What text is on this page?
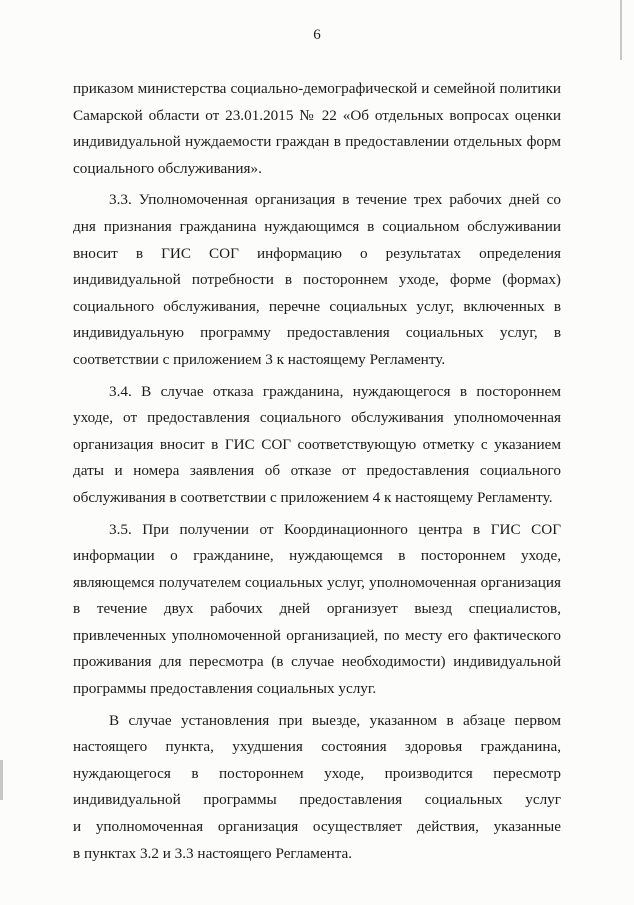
6
приказом министерства социально-демографической и семейной политики
Самарской области от 23.01.2015 № 22 «Об отдельных вопросах оценки
индивидуальной нуждаемости граждан в предоставлении отдельных форм
социального обслуживания».
3.3. Уполномоченная организация в течение трех рабочих дней со
дня признания гражданина нуждающимся в социальном обслуживании
вносит в ГИС СОГ информацию о результатах определения
индивидуальной потребности в постороннем уходе, форме (формах)
социального обслуживания, перечне социальных услуг, включенных в
индивидуальную программу предоставления социальных услуг, в
соответствии с приложением 3 к настоящему Регламенту.
3.4. В случае отказа гражданина, нуждающегося в постороннем
уходе, от предоставления социального обслуживания уполномоченная
организация вносит в ГИС СОГ соответствующую отметку с указанием
даты и номера заявления об отказе от предоставления социального
обслуживания в соответствии с приложением 4 к настоящему Регламенту.
3.5. При получении от Координационного центра в ГИС СОГ
информации о гражданине, нуждающемся в постороннем уходе,
являющемся получателем социальных услуг, уполномоченная организация
в течение двух рабочих дней организует выезд специалистов,
привлеченных уполномоченной организацией, по месту его фактического
проживания для пересмотра (в случае необходимости) индивидуальной
программы предоставления социальных услуг.
В случае установления при выезде, указанном в абзаце первом
настоящего пункта, ухудшения состояния здоровья гражданина,
нуждающегося в постороннем уходе, производится пересмотр
индивидуальной программы предоставления социальных услуг
и уполномоченная организация осуществляет действия, указанные
в пунктах 3.2 и 3.3 настоящего Регламента.
